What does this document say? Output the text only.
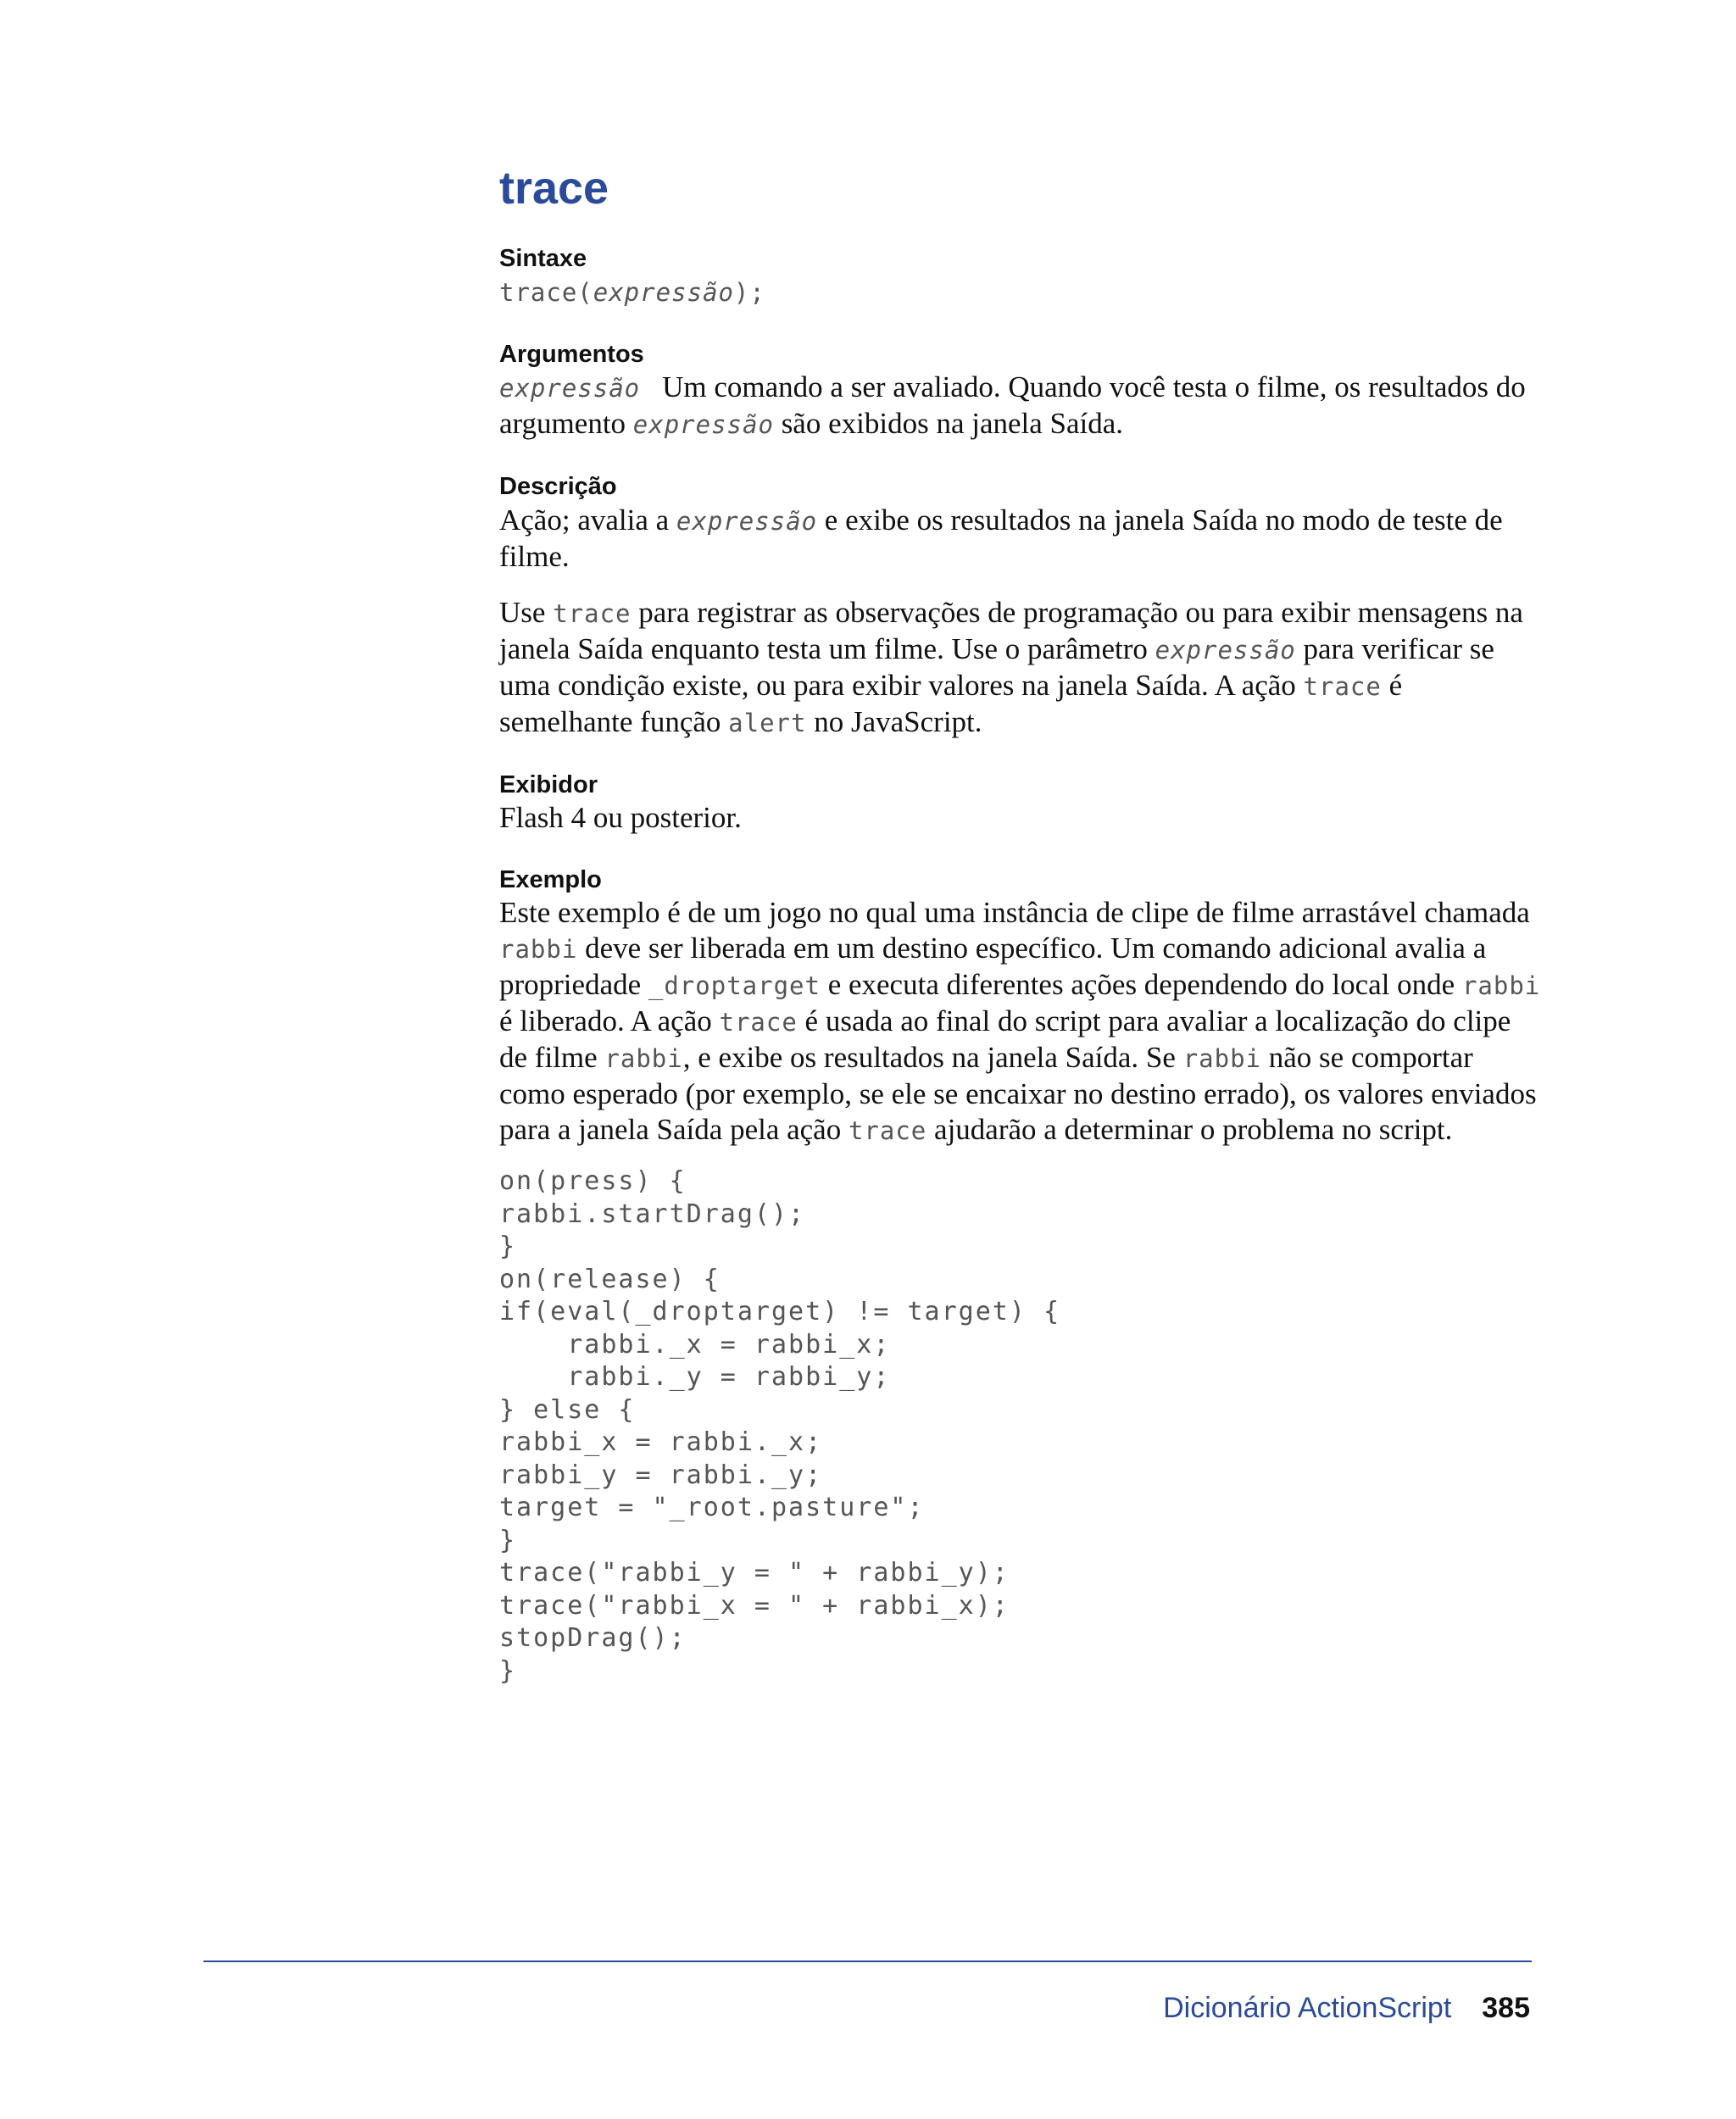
trace

Sintaxe

trace(expressão);

Argumentos

expressão Um comando a ser avaliado. Quando você testa o filme, os resultados do argumento expressão são exibidos na janela Saída.

Descrição

Ação; avalia a expressão e exibe os resultados na janela Saída no modo de teste de filme.

Use trace para registrar as observações de programação ou para exibir mensagens na janela Saída enquanto testa um filme. Use o parâmetro expressão para verificar se uma condição existe, ou para exibir valores na janela Saída. A ação trace é semelhante função alert no JavaScript.

Exibidor

Flash 4 ou posterior.

Exemplo

Este exemplo é de um jogo no qual uma instância de clipe de filme arrastável chamada rabbi deve ser liberada em um destino específico. Um comando adicional avalia a propriedade _droptarget e executa diferentes ações dependendo do local onde rabbi é liberado. A ação trace é usada ao final do script para avaliar a localização do clipe de filme rabbi, e exibe os resultados na janela Saída. Se rabbi não se comportar como esperado (por exemplo, se ele se encaixar no destino errado), os valores enviados para a janela Saída pela ação trace ajudarão a determinar o problema no script.

on(press) {
rabbi.startDrag();
}
on(release) {
if(eval(_droptarget) != target) {
rabbi._x = rabbi_x;
rabbi._y = rabbi_y;
} else {
rabbi_x = rabbi._x;
rabbi_y = rabbi._y;
target = "_root.pasture";
}
trace("rabbi_y = " + rabbi_y);
trace("rabbi_x = " + rabbi_x);
stopDrag();
}
Dicionário ActionScript 385
